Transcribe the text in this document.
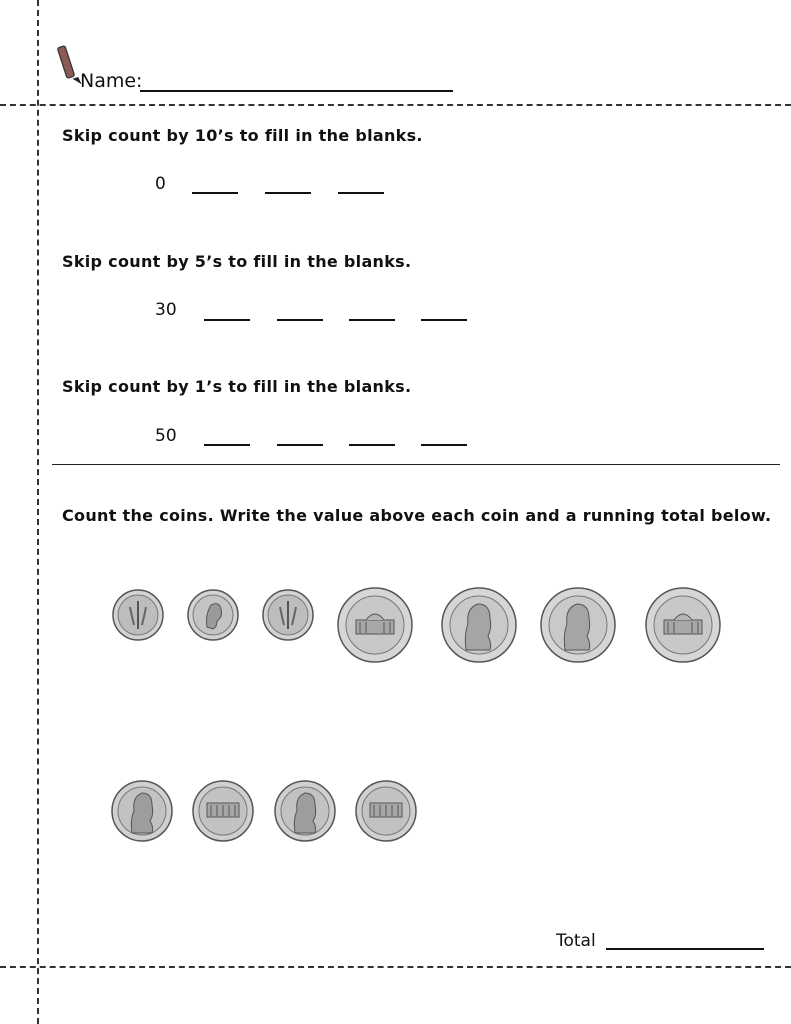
Name:
Skip count by 10’s to fill in the blanks.
0
Skip count by 5’s to fill in the blanks.
30
Skip count by 1’s to fill in the blanks.
50
Count the coins. Write the value above each coin and a running total below.
Total
